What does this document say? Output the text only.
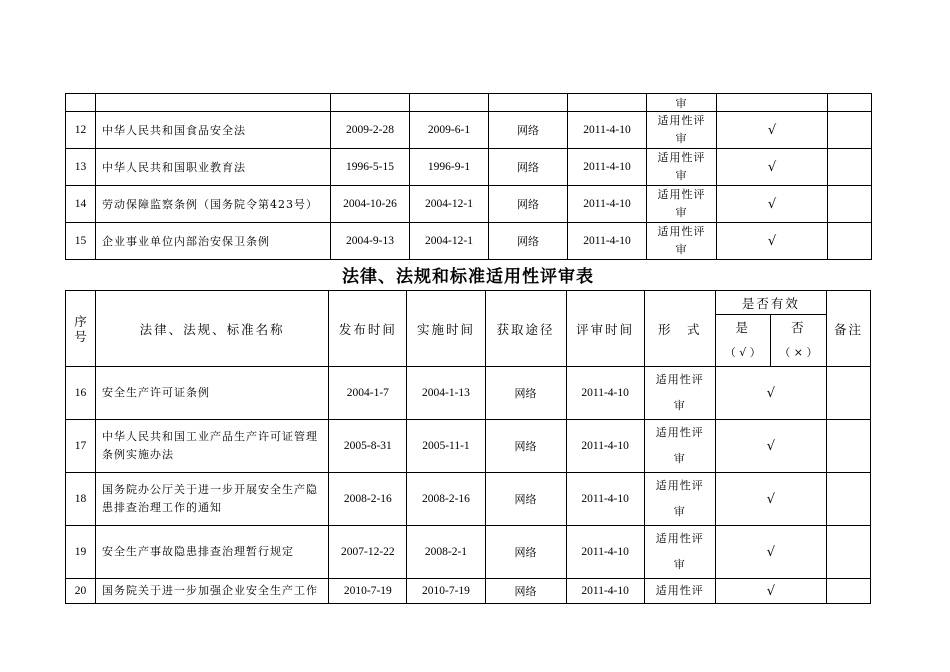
						审		

12	中华人民共和国食品安全法	2009-2-28	2009-6-1	网络	2011-4-10	适用性评
审	√	
13	中华人民共和国职业教育法	1996-5-15	1996-9-1	网络	2011-4-10	适用性评
审	√	
14	劳动保障监察条例（国务院令第423号）	2004-10-26	2004-12-1	网络	2011-4-10	适用性评
审	√	
15	企业事业单位内部治安保卫条例	2004-9-13	2004-12-1	网络	2011-4-10	适用性评
审	√	
法律、法规和标准适用性评审表
序号	法律、法规、标准名称	发布时间	实施时间	获取途径	评审时间	形　式	是否有效		备注
							是	否	
							（ √ ）	（ × ）	
16	安全生产许可证条例	2004-1-7	2004-1-13	网络	2011-4-10	适用性评
审	√		
17	中华人民共和国工业产品生产许可证管理
条例实施办法	2005-8-31	2005-11-1	网络	2011-4-10	适用性评
审	√		
18	国务院办公厅关于进一步开展安全生产隐
患排查治理工作的通知	2008-2-16	2008-2-16	网络	2011-4-10	适用性评
审	√		
19	安全生产事故隐患排查治理暂行规定	2007-12-22	2008-2-1	网络	2011-4-10	适用性评
审	√		
20	国务院关于进一步加强企业安全生产工作	2010-7-19	2010-7-19	网络	2011-4-10	适用性评	√		
